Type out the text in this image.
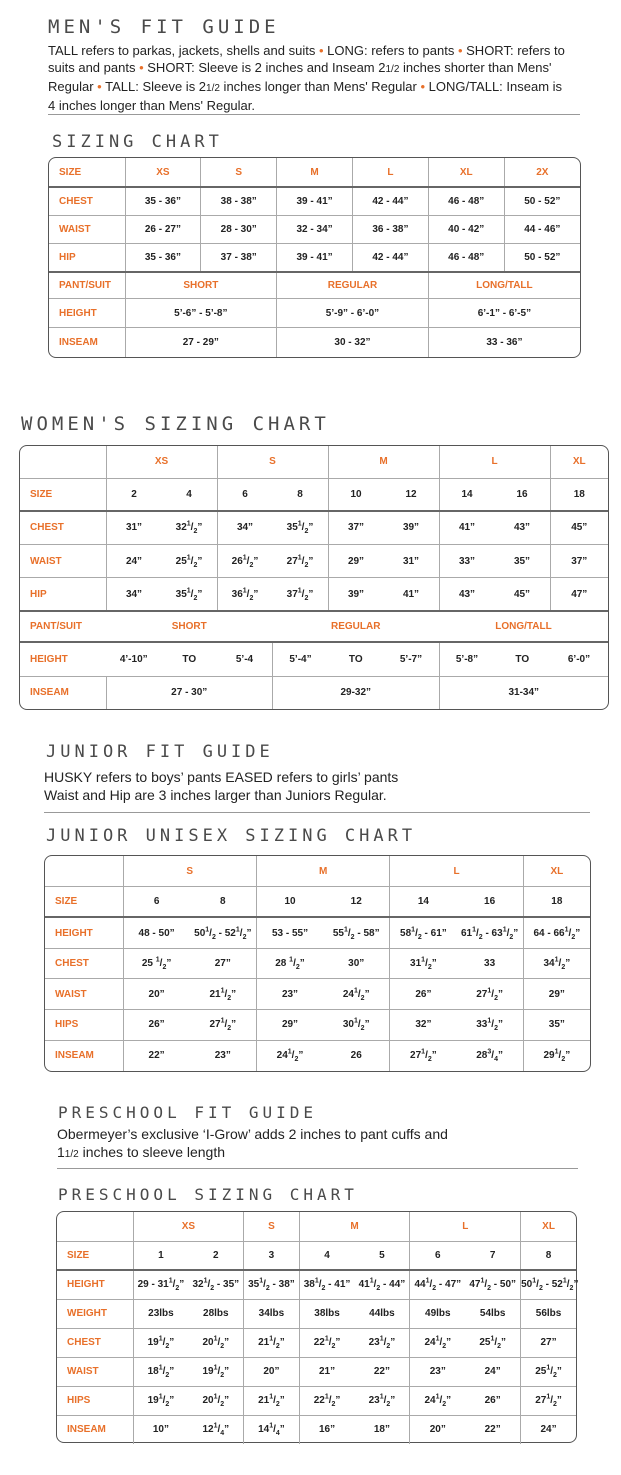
MEN'S FIT GUIDE
TALL refers to parkas, jackets, shells and suits • LONG: refers to pants • SHORT: refers to
suits and pants • SHORT: Sleeve is 2 inches and Inseam 21/2 inches shorter than Mens'
Regular • TALL: Sleeve is 21/2 inches longer than Mens' Regular • LONG/TALL: Inseam is
4 inches longer than Mens' Regular.
SIZING CHART
SIZE	XS	S	M	L	XL	2X
CHEST	35 - 36”	38 - 38”	39 - 41”	42 - 44”	46 - 48”	50 - 52”
WAIST	26 - 27”	28 - 30”	32 - 34”	36 - 38”	40 - 42”	44 - 46”
HIP	35 - 36”	37 - 38”	39 - 41”	42 - 44”	46 - 48”	50 - 52”
PANT/SUIT	SHORT		REGULAR		LONG/TALL	
HEIGHT	5’-6” - 5’-8”		5’-9” - 6’-0”		6’-1” - 6’-5”	
INSEAM	27 - 29”		30 - 32”		33 - 36”	
WOMEN'S SIZING CHART
	XS		S		M		L		XL
SIZE	2	4	6	8	10	12	14	16	18
CHEST	31”	$32^1/_2$”	34”	$35^1/_2$”	37”	39”	41”	43”	45”
WAIST	24”	$25^1/_2$”	$26^1/_2$”	$27^1/_2$”	29”	31”	33”	35”	37”
HIP	34”	$35^1/_2$”	$36^1/_2$”	$37^1/_2$”	39”	41”	43”	45”	47”
PANT/SUIT	SHORT			REGULAR			LONG/TALL		
HEIGHT	4’-10”	TO	5’-4	5’-4”	TO	5’-7”	5’-8”	TO	6’-0”
INSEAM	27 - 30”			29-32”			31-34”		
JUNIOR FIT GUIDE
HUSKY refers to boys’ pants EASED refers to girls’ pants
Waist and Hip are 3 inches larger than Juniors Regular.
JUNIOR UNISEX SIZING CHART
	S		M		L		XL
SIZE	6	8	10	12	14	16	18
HEIGHT	48 - 50”	$50^1/_2 - 52^1/_2$”	53 - 55”	$55^1/_2 - 58$”	$58^1/_2 - 61$”	$61^1/_2 - 63^1/_2$”	$64 - 66^1/_2$”
CHEST	25 $^1/_2$”	27”	28 $^1/_2$”	30”	$31^1/_2$”	33	$34^1/_2$”
WAIST	20”	$21^1/_2$”	23”	$24^1/_2$”	26”	$27^1/_2$”	29”
HIPS	26”	$27^1/_2$”	29”	$30^1/_2$”	32”	$33^1/_2$”	35”
INSEAM	22”	23”	$24^1/_2$”	26	$27^1/_2$”	$28^3/_4$”	$29^1/_2$”
PRESCHOOL FIT GUIDE
Obermeyer’s exclusive ‘I-Grow’ adds 2 inches to pant cuffs and
11/2 inches to sleeve length
PRESCHOOL SIZING CHART
	XS		S	M		L		XL
SIZE	1	2	3	4	5	6	7	8
HEIGHT	$29 - 31^1/_2$”	$32^1/_2 - 35$”	$35^1/_2 - 38$”	$38^1/_2 - 41$”	$41^1/_2 - 44$”	$44^1/_2 - 47$”	$47^1/_2 - 50$”	$50^1/_2 - 52^1/_2$”
WEIGHT	23lbs	28lbs	34lbs	38lbs	44lbs	49lbs	54lbs	56lbs
CHEST	$19^1/_2$”	$20^1/_2$”	$21^1/_2$”	$22^1/_2$”	$23^1/_2$”	$24^1/_2$”	$25^1/_2$”	27”
WAIST	$18^1/_2$”	$19^1/_2$”	20”	21”	22”	23”	24”	$25^1/_2$”
HIPS	$19^1/_2$”	$20^1/_2$”	$21^1/_2$”	$22^1/_2$”	$23^1/_2$”	$24^1/_2$”	26”	$27^1/_2$”
INSEAM	10”	$12^1/_4$”	$14^1/_4$”	16”	18”	20”	22”	24”
